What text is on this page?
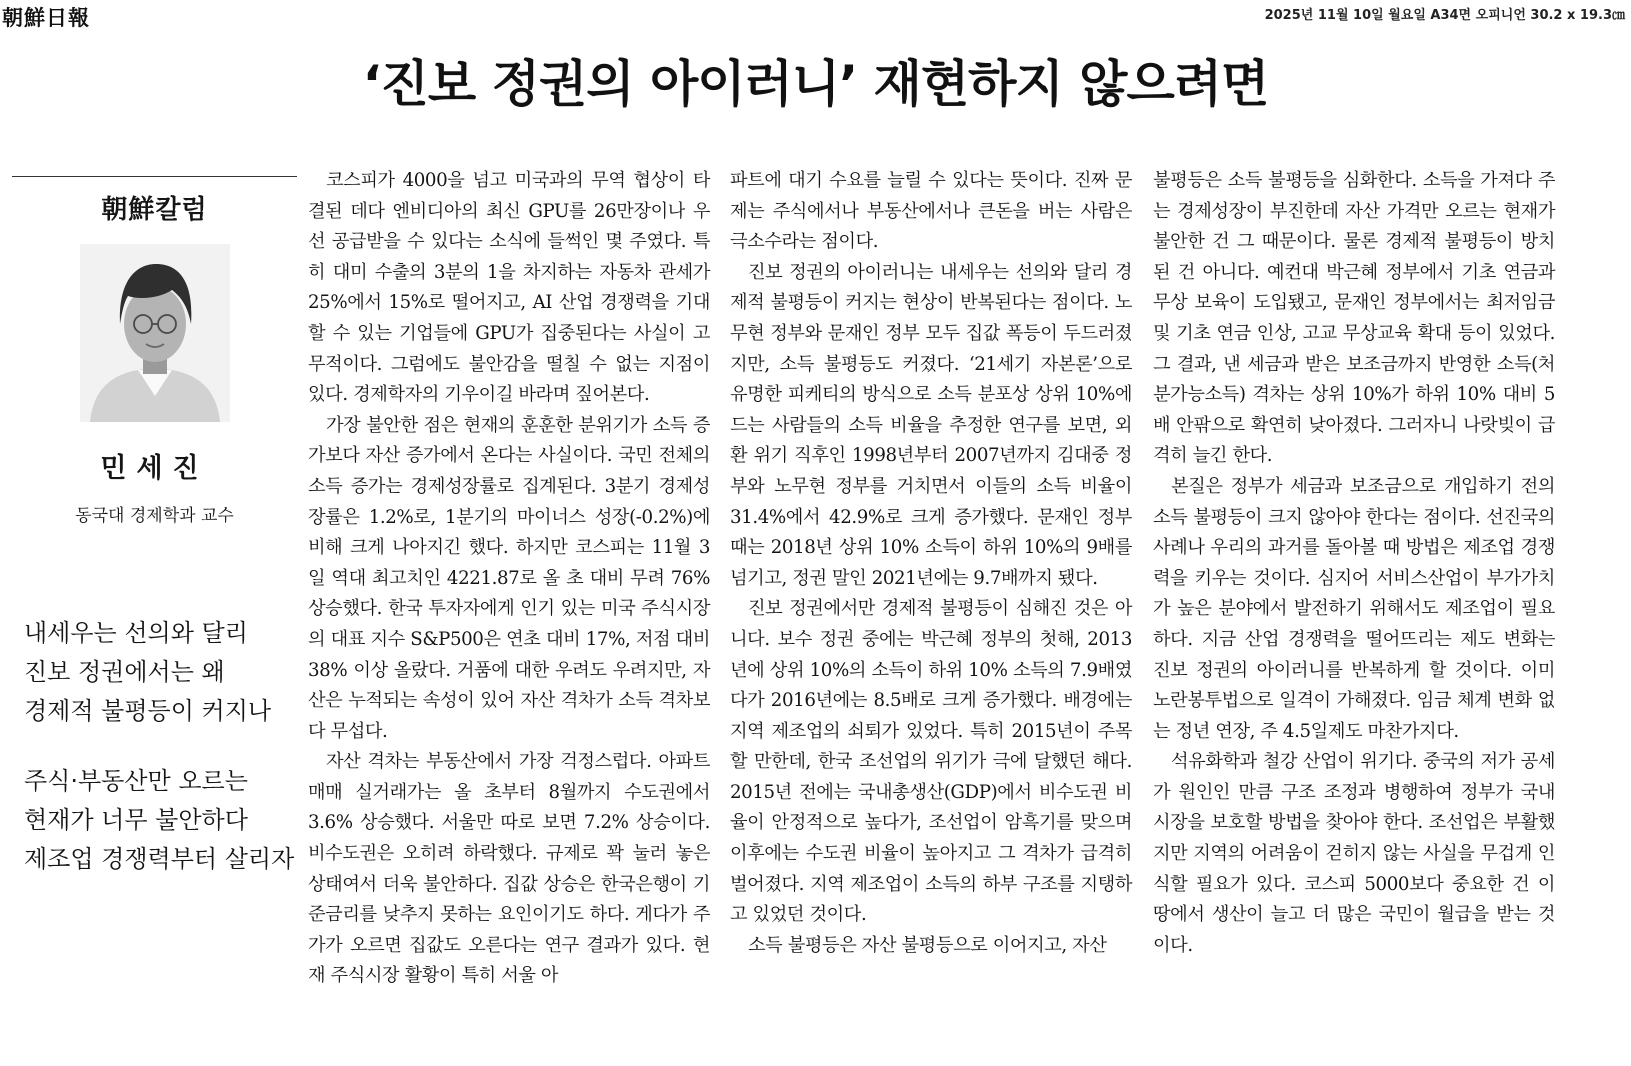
朝鮮日報	2025년 11월 10일 월요일 A34면 오피니언 30.2 x 19.3㎝
‘진보 정권의 아이러니’ 재현하지 않으려면
朝鮮칼럼
민세진
동국대 경제학과 교수
내세우는 선의와 달리
진보 정권에서는 왜
경제적 불평등이 커지나
주식·부동산만 오르는
현재가 너무 불안하다
제조업 경쟁력부터 살리자

코스피가 4000을 넘고 미국과의 무역 협상이 타결된 데다 엔비디아의 최신 GPU를 26만장이나 우선 공급받을 수 있다는 소식에 들썩인 몇 주였다. 특히 대미 수출의 3분의 1을 차지하는 자동차 관세가 25%에서 15%로 떨어지고, AI 산업 경쟁력을 기대할 수 있는 기업들에 GPU가 집중된다는 사실이 고무적이다. 그럼에도 불안감을 떨칠 수 없는 지점이 있다. 경제학자의 기우이길 바라며 짚어본다.

가장 불안한 점은 현재의 훈훈한 분위기가 소득 증가보다 자산 증가에서 온다는 사실이다. 국민 전체의 소득 증가는 경제성장률로 집계된다. 3분기 경제성장률은 1.2%로, 1분기의 마이너스 성장(-0.2%)에 비해 크게 나아지긴 했다. 하지만 코스피는 11월 3일 역대 최고치인 4221.87로 올 초 대비 무려 76% 상승했다. 한국 투자자에게 인기 있는 미국 주식시장의 대표 지수 S&P500은 연초 대비 17%, 저점 대비 38% 이상 올랐다. 거품에 대한 우려도 우려지만, 자산은 누적되는 속성이 있어 자산 격차가 소득 격차보다 무섭다.

자산 격차는 부동산에서 가장 걱정스럽다. 아파트 매매 실거래가는 올 초부터 8월까지 수도권에서 3.6% 상승했다. 서울만 따로 보면 7.2% 상승이다. 비수도권은 오히려 하락했다. 규제로 꽉 눌러 놓은 상태여서 더욱 불안하다. 집값 상승은 한국은행이 기준금리를 낮추지 못하는 요인이기도 하다. 게다가 주가가 오르면 집값도 오른다는 연구 결과가 있다. 현재 주식시장 활황이 특히 서울 아

파트에 대기 수요를 늘릴 수 있다는 뜻이다. 진짜 문제는 주식에서나 부동산에서나 큰돈을 버는 사람은 극소수라는 점이다.

진보 정권의 아이러니는 내세우는 선의와 달리 경제적 불평등이 커지는 현상이 반복된다는 점이다. 노무현 정부와 문재인 정부 모두 집값 폭등이 두드러졌지만, 소득 불평등도 커졌다. ‘21세기 자본론’으로 유명한 피케티의 방식으로 소득 분포상 상위 10%에 드는 사람들의 소득 비율을 추정한 연구를 보면, 외환 위기 직후인 1998년부터 2007년까지 김대중 정부와 노무현 정부를 거치면서 이들의 소득 비율이 31.4%에서 42.9%로 크게 증가했다. 문재인 정부 때는 2018년 상위 10% 소득이 하위 10%의 9배를 넘기고, 정권 말인 2021년에는 9.7배까지 됐다.

진보 정권에서만 경제적 불평등이 심해진 것은 아니다. 보수 정권 중에는 박근혜 정부의 첫해, 2013년에 상위 10%의 소득이 하위 10% 소득의 7.9배였다가 2016년에는 8.5배로 크게 증가했다. 배경에는 지역 제조업의 쇠퇴가 있었다. 특히 2015년이 주목할 만한데, 한국 조선업의 위기가 극에 달했던 해다. 2015년 전에는 국내총생산(GDP)에서 비수도권 비율이 안정적으로 높다가, 조선업이 암흑기를 맞으며 이후에는 수도권 비율이 높아지고 그 격차가 급격히 벌어졌다. 지역 제조업이 소득의 하부 구조를 지탱하고 있었던 것이다.

소득 불평등은 자산 불평등으로 이어지고, 자산

불평등은 소득 불평등을 심화한다. 소득을 가져다 주는 경제성장이 부진한데 자산 가격만 오르는 현재가 불안한 건 그 때문이다. 물론 경제적 불평등이 방치된 건 아니다. 예컨대 박근혜 정부에서 기초 연금과 무상 보육이 도입됐고, 문재인 정부에서는 최저임금 및 기초 연금 인상, 고교 무상교육 확대 등이 있었다. 그 결과, 낸 세금과 받은 보조금까지 반영한 소득(처분가능소득) 격차는 상위 10%가 하위 10% 대비 5배 안팎으로 확연히 낮아졌다. 그러자니 나랏빚이 급격히 늘긴 한다.

본질은 정부가 세금과 보조금으로 개입하기 전의 소득 불평등이 크지 않아야 한다는 점이다. 선진국의 사례나 우리의 과거를 돌아볼 때 방법은 제조업 경쟁력을 키우는 것이다. 심지어 서비스산업이 부가가치가 높은 분야에서 발전하기 위해서도 제조업이 필요하다. 지금 산업 경쟁력을 떨어뜨리는 제도 변화는 진보 정권의 아이러니를 반복하게 할 것이다. 이미 노란봉투법으로 일격이 가해졌다. 임금 체계 변화 없는 정년 연장, 주 4.5일제도 마찬가지다.

석유화학과 철강 산업이 위기다. 중국의 저가 공세가 원인인 만큼 구조 조정과 병행하여 정부가 국내 시장을 보호할 방법을 찾아야 한다. 조선업은 부활했지만 지역의 어려움이 걷히지 않는 사실을 무겁게 인식할 필요가 있다. 코스피 5000보다 중요한 건 이 땅에서 생산이 늘고 더 많은 국민이 월급을 받는 것이다.
